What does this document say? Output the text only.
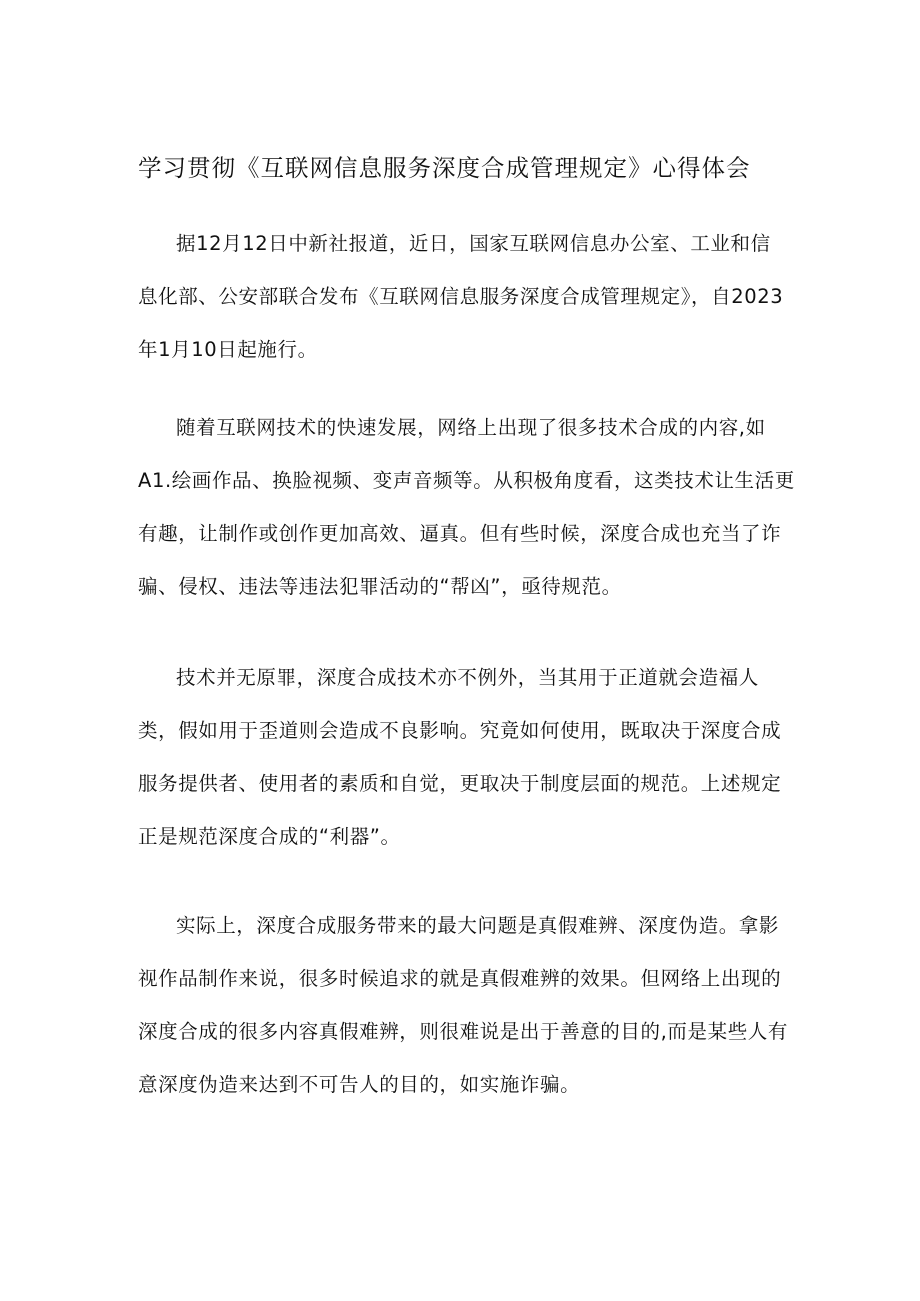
学习贯彻《互联网信息服务深度合成管理规定》心得体会
据12月12日中新社报道，近日，国家互联网信息办公室、工业和信
息化部、公安部联合发布《互联网信息服务深度合成管理规定》，自2023
年1月10日起施行。
随着互联网技术的快速发展，网络上出现了很多技术合成的内容,如
A1.绘画作品、换脸视频、变声音频等。从积极角度看，这类技术让生活更
有趣，让制作或创作更加高效、逼真。但有些时候，深度合成也充当了诈
骗、侵权、违法等违法犯罪活动的“帮凶”，亟待规范。
技术并无原罪，深度合成技术亦不例外，当其用于正道就会造福人
类，假如用于歪道则会造成不良影响。究竟如何使用，既取决于深度合成
服务提供者、使用者的素质和自觉，更取决于制度层面的规范。上述规定
正是规范深度合成的“利器”。
实际上，深度合成服务带来的最大问题是真假难辨、深度伪造。拿影
视作品制作来说，很多时候追求的就是真假难辨的效果。但网络上出现的
深度合成的很多内容真假难辨，则很难说是出于善意的目的,而是某些人有
意深度伪造来达到不可告人的目的，如实施诈骗。
